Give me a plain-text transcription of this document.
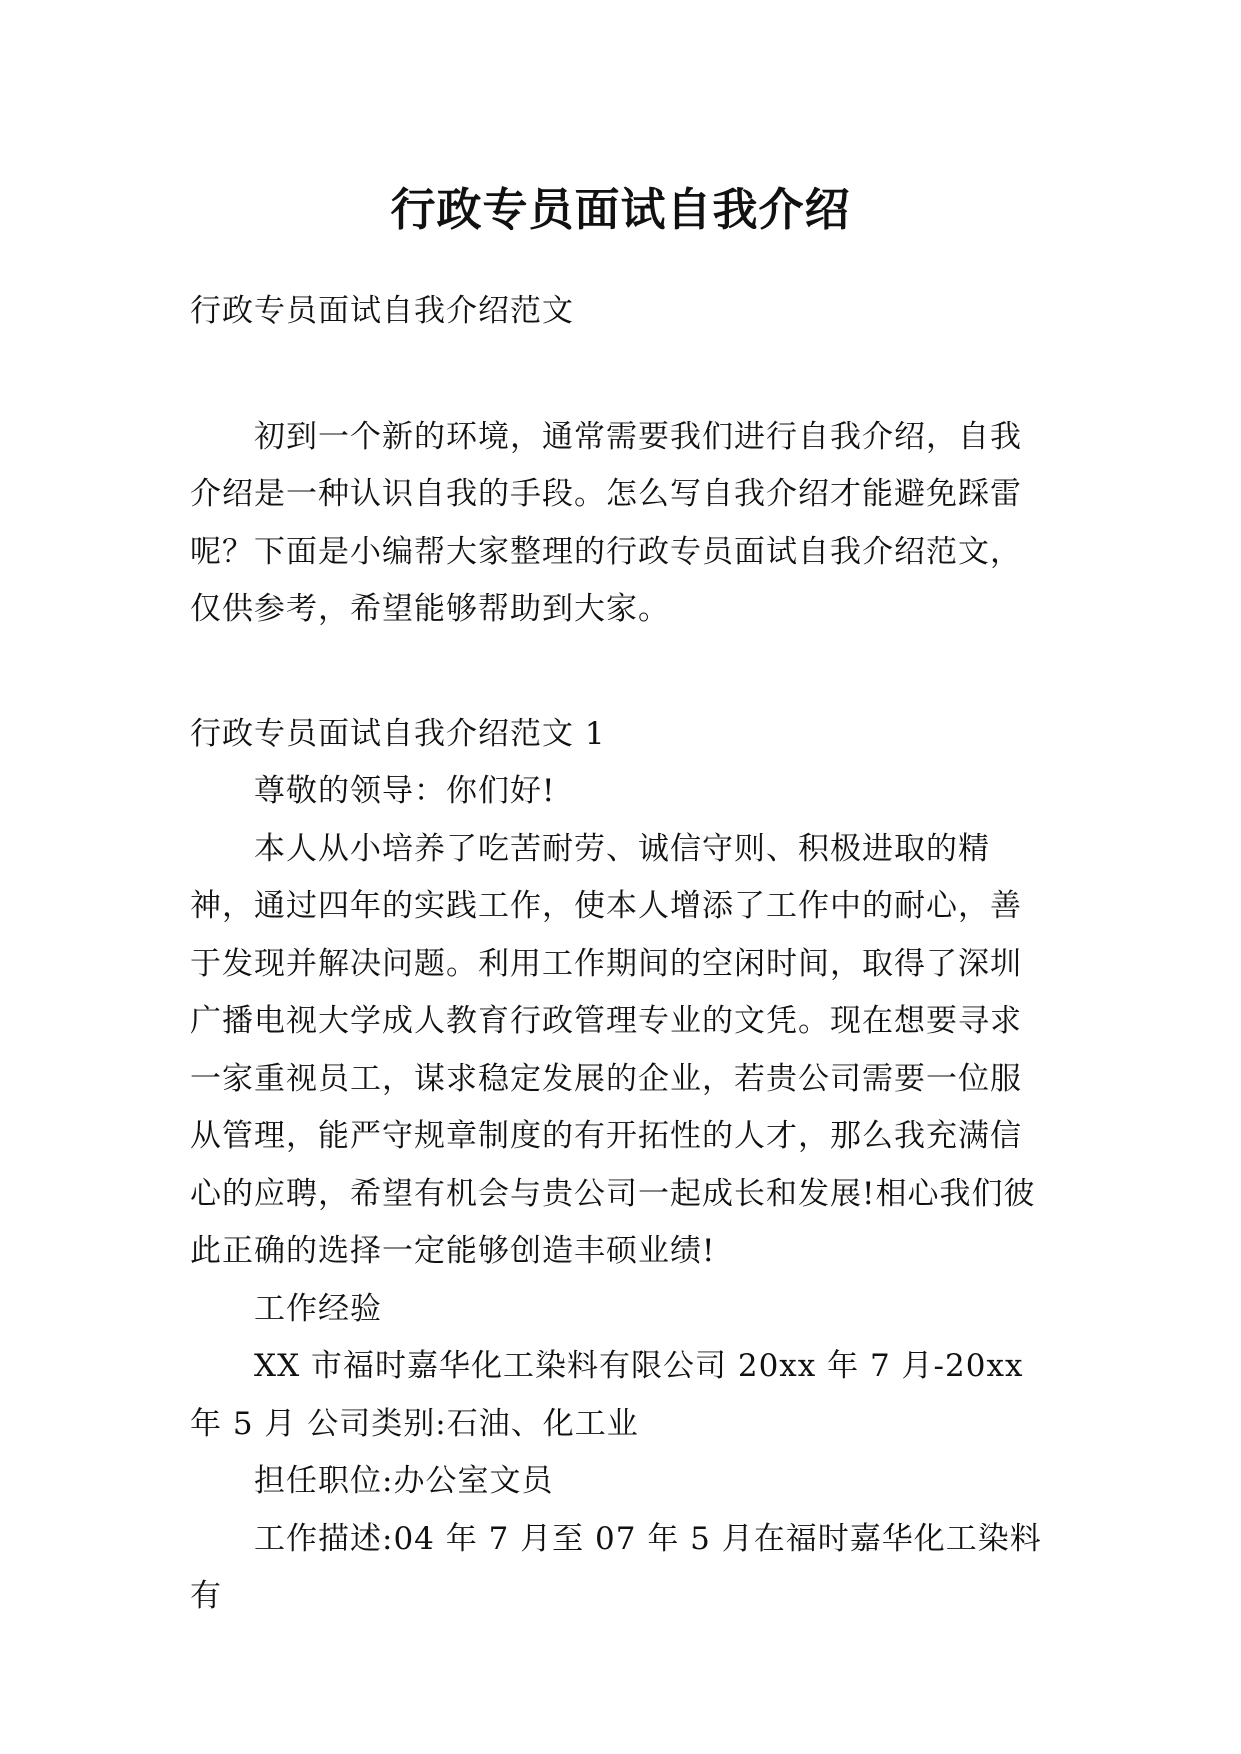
行政专员面试自我介绍

行政专员面试自我介绍范文

初到一个新的环境，通常需要我们进行自我介绍，自我介绍是一种认识自我的手段。怎么写自我介绍才能避免踩雷呢？下面是小编帮大家整理的行政专员面试自我介绍范文，仅供参考，希望能够帮助到大家。

行政专员面试自我介绍范文 1

尊敬的领导：你们好!

本人从小培养了吃苦耐劳、诚信守则、积极进取的精神，通过四年的实践工作，使本人增添了工作中的耐心，善于发现并解决问题。利用工作期间的空闲时间，取得了深圳广播电视大学成人教育行政管理专业的文凭。现在想要寻求一家重视员工，谋求稳定发展的企业，若贵公司需要一位服从管理，能严守规章制度的有开拓性的人才，那么我充满信心的应聘，希望有机会与贵公司一起成长和发展!相心我们彼此正确的选择一定能够创造丰硕业绩!

工作经验

XX 市福时嘉华化工染料有限公司 20xx 年 7 月-20xx 年 5 月 公司类别:石油、化工业

担任职位:办公室文员

工作描述:04 年 7 月至 07 年 5 月在福时嘉华化工染料有
